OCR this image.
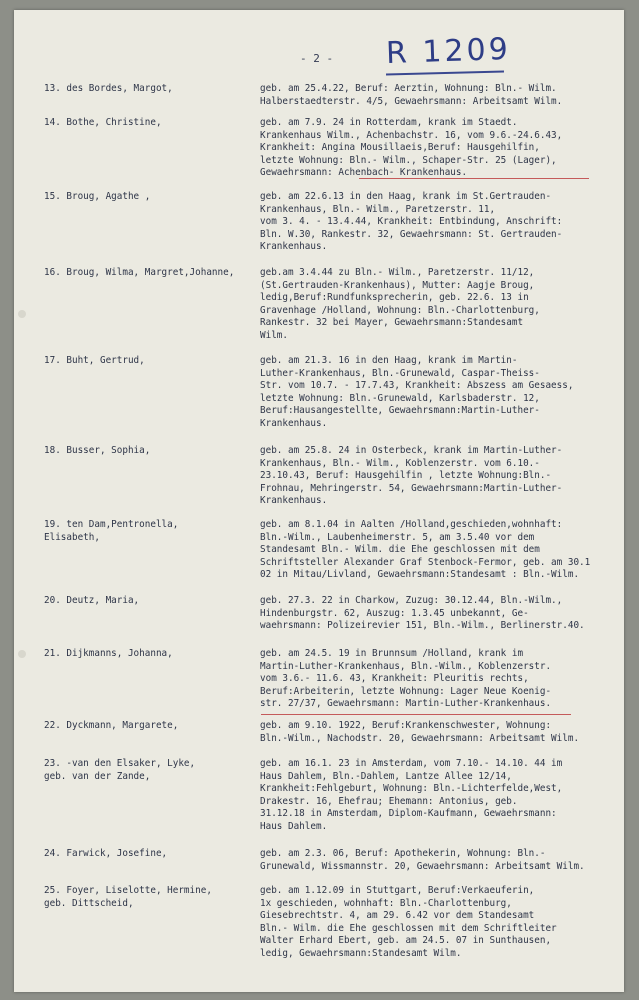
- 2 - R 1209
13. des Bordes, Margot,	geb. am 25.4.22, Beruf: Aerztin, Wohnung: Bln.- Wilm.
Halberstaedterstr. 4/5, Gewaehrsmann: Arbeitsamt Wilm.
14. Bothe, Christine,	geb. am 7.9. 24 in Rotterdam, krank im Staedt.
Krankenhaus Wilm., Achenbachstr. 16, vom 9.6.-24.6.43,
Krankheit: Angina Mousillaeis,Beruf: Hausgehilfin,
letzte Wohnung: Bln.- Wilm., Schaper-Str. 25 (Lager),
Gewaehrsmann: Achenbach- Krankenhaus.
15. Broug, Agathe ,	geb. am 22.6.13 in den Haag, krank im St.Gertrauden-
Krankenhaus, Bln.- Wilm., Paretzerstr. 11,
vom 3. 4. - 13.4.44, Krankheit: Entbindung, Anschrift:
Bln. W.30, Rankestr. 32, Gewaehrsmann: St. Gertrauden-
Krankenhaus.
16. Broug, Wilma, Margret,Johanne,	geb.am 3.4.44 zu Bln.- Wilm., Paretzerstr. 11/12,
(St.Gertrauden-Krankenhaus), Mutter: Aagje Broug,
ledig,Beruf:Rundfunksprecherin, geb. 22.6. 13 in
Gravenhage /Holland, Wohnung: Bln.-Charlottenburg,
Rankestr. 32 bei Mayer, Gewaehrsmann:Standesamt
Wilm.
17. Buht, Gertrud,	geb. am 21.3. 16 in den Haag, krank im Martin-
Luther-Krankenhaus, Bln.-Grunewald, Caspar-Theiss-
Str. vom 10.7. - 17.7.43, Krankheit: Abszess am Gesaess,
letzte Wohnung: Bln.-Grunewald, Karlsbaderstr. 12,
Beruf:Hausangestellte, Gewaehrsmann:Martin-Luther-
Krankenhaus.
18. Busser, Sophia,	geb. am 25.8. 24 in Osterbeck, krank im Martin-Luther-
Krankenhaus, Bln.- Wilm., Koblenzerstr. vom 6.10.-
23.10.43, Beruf: Hausgehilfin , letzte Wohnung:Bln.-
Frohnau, Mehringerstr. 54, Gewaehrsmann:Martin-Luther-
Krankenhaus.
19. ten Dam,Pentronella,
Elisabeth,
geb. am 8.1.04 in Aalten /Holland,geschieden,wohnhaft:
Bln.-Wilm., Laubenheimerstr. 5, am 3.5.40 vor dem
Standesamt Bln.- Wilm. die Ehe geschlossen mit dem
Schriftsteller Alexander Graf Stenbock-Fermor, geb. am 30.1
02 in Mitau/Livland, Gewaehrsmann:Standesamt : Bln.-Wilm.
20. Deutz, Maria,	geb. 27.3. 22 in Charkow, Zuzug: 30.12.44, Bln.-Wilm.,
Hindenburgstr. 62, Auszug: 1.3.45 unbekannt, Ge-
waehrsmann: Polizeirevier 151, Bln.-Wilm., Berlinerstr.40.
21. Dijkmanns, Johanna,	geb. am 24.5. 19 in Brunnsum /Holland, krank im
Martin-Luther-Krankenhaus, Bln.-Wilm., Koblenzerstr.
vom 3.6.- 11.6. 43, Krankheit: Pleuritis rechts,
Beruf:Arbeiterin, letzte Wohnung: Lager Neue Koenig-
str. 27/37, Gewaehrsmann: Martin-Luther-Krankenhaus.
22. Dyckmann, Margarete,	geb. am 9.10. 1922, Beruf:Krankenschwester, Wohnung:
Bln.-Wilm., Nachodstr. 20, Gewaehrsmann: Arbeitsamt Wilm.
23. -van den Elsaker, Lyke,
geb. van der Zande,
geb. am 16.1. 23 in Amsterdam, vom 7.10.- 14.10. 44 im
Haus Dahlem, Bln.-Dahlem, Lantze Allee 12/14,
Krankheit:Fehlgeburt, Wohnung: Bln.-Lichterfelde,West,
Drakestr. 16, Ehefrau; Ehemann: Antonius, geb.
31.12.18 in Amsterdam, Diplom-Kaufmann, Gewaehrsmann:
Haus Dahlem.
24. Farwick, Josefine,	geb. am 2.3. 06, Beruf: Apothekerin, Wohnung: Bln.-
Grunewald, Wissmannstr. 20, Gewaehrsmann: Arbeitsamt Wilm.
25. Foyer, Liselotte, Hermine,
geb. Dittscheid,
geb. am 1.12.09 in Stuttgart, Beruf:Verkaeuferin,
1x geschieden, wohnhaft: Bln.-Charlottenburg,
Giesebrechtstr. 4, am 29. 6.42 vor dem Standesamt
Bln.- Wilm. die Ehe geschlossen mit dem Schriftleiter
Walter Erhard Ebert, geb. am 24.5. 07 in Sunthausen,
ledig, Gewaehrsmann:Standesamt Wilm.
